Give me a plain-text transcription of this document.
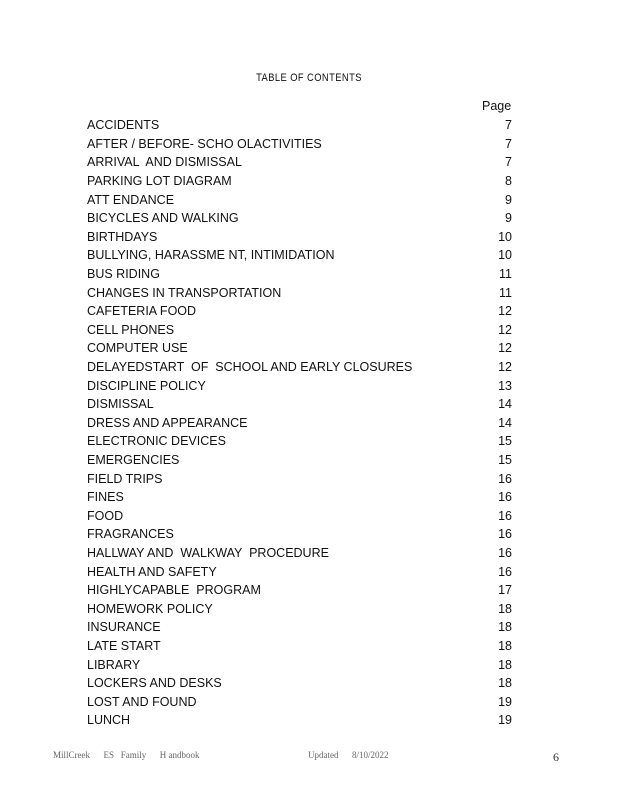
TABLE OF CONTENTS
Page
ACCIDENTS	7
AFTER / BEFORE- SCHO OLACTIVITIES	7
ARRIVAL  AND DISMISSAL	7
PARKING LOT DIAGRAM	8
ATT ENDANCE	9
BICYCLES AND WALKING	9
BIRTHDAYS	10
BULLYING, HARASSME NT, INTIMIDATION	10
BUS RIDING	11
CHANGES IN TRANSPORTATION	11
CAFETERIA FOOD	12
CELL PHONES	12
COMPUTER USE	12
DELAYEDSTART  OF  SCHOOL AND EARLY CLOSURES	12
DISCIPLINE POLICY	13
DISMISSAL	14
DRESS AND APPEARANCE	14
ELECTRONIC DEVICES	15
EMERGENCIES	15
FIELD TRIPS	16
FINES	16
FOOD	16
FRAGRANCES	16
HALLWAY AND  WALKWAY  PROCEDURE	16
HEALTH AND SAFETY	16
HIGHLYCAPABLE  PROGRAM	17
HOMEWORK POLICY	18
INSURANCE	18
LATE START	18
LIBRARY	18
LOCKERS AND DESKS	18
LOST AND FOUND	19
LUNCH	19
MillCreek      ES   Family      H andbook	Updated      8/10/2022	6
